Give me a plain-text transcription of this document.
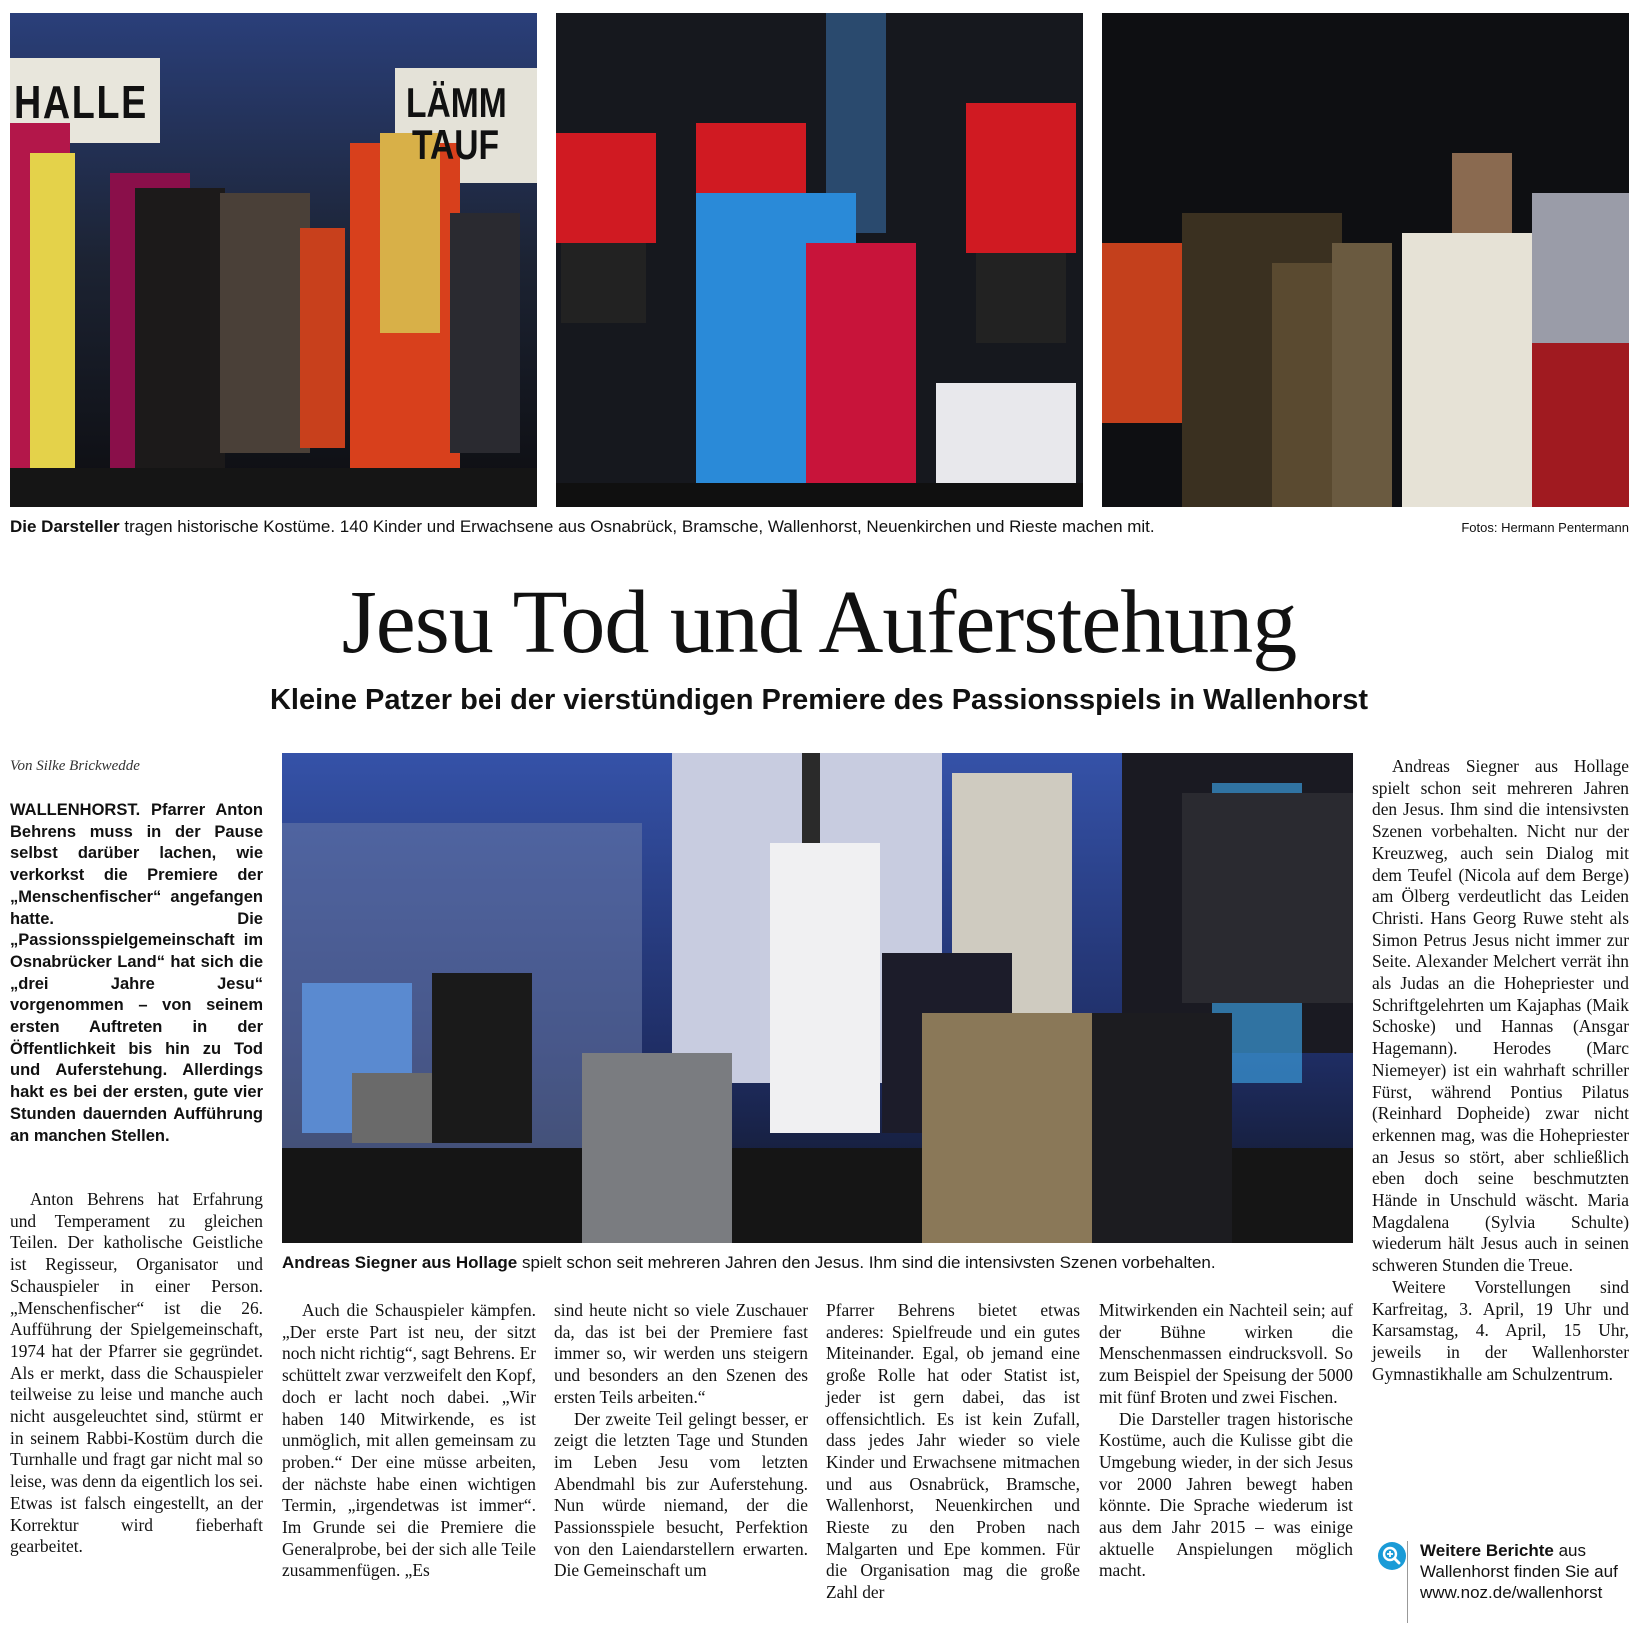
HALLE	LÄMM
TAUF
Die Darsteller tragen historische Kostüme. 140 Kinder und Erwachsene aus Osnabrück, Bramsche, Wallenhorst, Neuenkirchen und Rieste machen mit.	Fotos: Hermann Pentermann
Jesu Tod und Auferstehung
Kleine Patzer bei der vierstündigen Premiere des Passionsspiels in Wallenhorst
Von Silke Brickwedde

WALLENHORST. Pfarrer Anton Behrens muss in der Pause selbst darüber lachen, wie verkorkst die Premiere der „Menschenfischer“ angefangen hatte. Die „Passionsspielgemeinschaft im Osnabrücker Land“ hat sich die „drei Jahre Jesu“ vorgenommen – von seinem ersten Auftreten in der Öffentlichkeit bis hin zu Tod und Auferstehung. Allerdings hakt es bei der ersten, gute vier Stunden dauernden Aufführung an manchen Stellen.

Anton Behrens hat Erfahrung und Temperament zu gleichen Teilen. Der katholische Geistliche ist Regisseur, Organisator und Schauspieler in einer Person. „Menschenfischer“ ist die 26. Aufführung der Spielgemeinschaft, 1974 hat der Pfarrer sie gegründet. Als er merkt, dass die Schauspieler teilweise zu leise und manche auch nicht ausgeleuchtet sind, stürmt er in seinem Rabbi-Kostüm durch die Turnhalle und fragt gar nicht mal so leise, was denn da eigentlich los sei. Etwas ist falsch eingestellt, an der Korrektur wird fieberhaft gearbeitet.

Andreas Siegner aus Hollage spielt schon seit mehreren Jahren den Jesus. Ihm sind die intensivsten Szenen vorbehalten.

Auch die Schauspieler kämpfen. „Der erste Part ist neu, der sitzt noch nicht richtig“, sagt Behrens. Er schüttelt zwar verzweifelt den Kopf, doch er lacht noch dabei. „Wir haben 140 Mitwirkende, es ist unmöglich, mit allen gemeinsam zu proben.“ Der eine müsse arbeiten, der nächste habe einen wichtigen Termin, „irgendetwas ist immer“. Im Grunde sei die Premiere die Generalprobe, bei der sich alle Teile zusammenfügen. „Es

sind heute nicht so viele Zuschauer da, das ist bei der Premiere fast immer so, wir werden uns steigern und besonders an den Szenen des ersten Teils arbeiten.“

Der zweite Teil gelingt besser, er zeigt die letzten Tage und Stunden im Leben Jesu vom letzten Abendmahl bis zur Auferstehung. Nun würde niemand, der die Passionsspiele besucht, Perfektion von den Laiendarstellern erwarten. Die Gemeinschaft um

Pfarrer Behrens bietet etwas anderes: Spielfreude und ein gutes Miteinander. Egal, ob jemand eine große Rolle hat oder Statist ist, jeder ist gern dabei, das ist offensichtlich. Es ist kein Zufall, dass jedes Jahr wieder so viele Kinder und Erwachsene mitmachen und aus Osnabrück, Bramsche, Wallenhorst, Neuenkirchen und Rieste zu den Proben nach Malgarten und Epe kommen. Für die Organisation mag die große Zahl der

Mitwirkenden ein Nachteil sein; auf der Bühne wirken die Menschenmassen eindrucksvoll. So zum Beispiel der Speisung der 5000 mit fünf Broten und zwei Fischen.

Die Darsteller tragen historische Kostüme, auch die Kulisse gibt die Umgebung wieder, in der sich Jesus vor 2000 Jahren bewegt haben könnte. Die Sprache wiederum ist aus dem Jahr 2015 – was einige aktuelle Anspielungen möglich macht.

Andreas Siegner aus Hollage spielt schon seit mehreren Jahren den Jesus. Ihm sind die intensivsten Szenen vorbehalten. Nicht nur der Kreuzweg, auch sein Dialog mit dem Teufel (Nicola auf dem Berge) am Ölberg verdeutlicht das Leiden Christi. Hans Georg Ruwe steht als Simon Petrus Jesus nicht immer zur Seite. Alexander Melchert verrät ihn als Judas an die Hohepriester und Schriftgelehrten um Kajaphas (Maik Schoske) und Hannas (Ansgar Hagemann). Herodes (Marc Niemeyer) ist ein wahrhaft schriller Fürst, während Pontius Pilatus (Reinhard Dopheide) zwar nicht erkennen mag, was die Hohepriester an Jesus so stört, aber schließlich eben doch seine beschmutzten Hände in Unschuld wäscht. Maria Magdalena (Sylvia Schulte) wiederum hält Jesus auch in seinen schweren Stunden die Treue.

Weitere Vorstellungen sind Karfreitag, 3. April, 19 Uhr und Karsamstag, 4. April, 15 Uhr, jeweils in der Wallenhorster Gymnastikhalle am Schulzentrum.

Weitere Berichte aus Wallenhorst finden Sie auf www.noz.de/wallenhorst
